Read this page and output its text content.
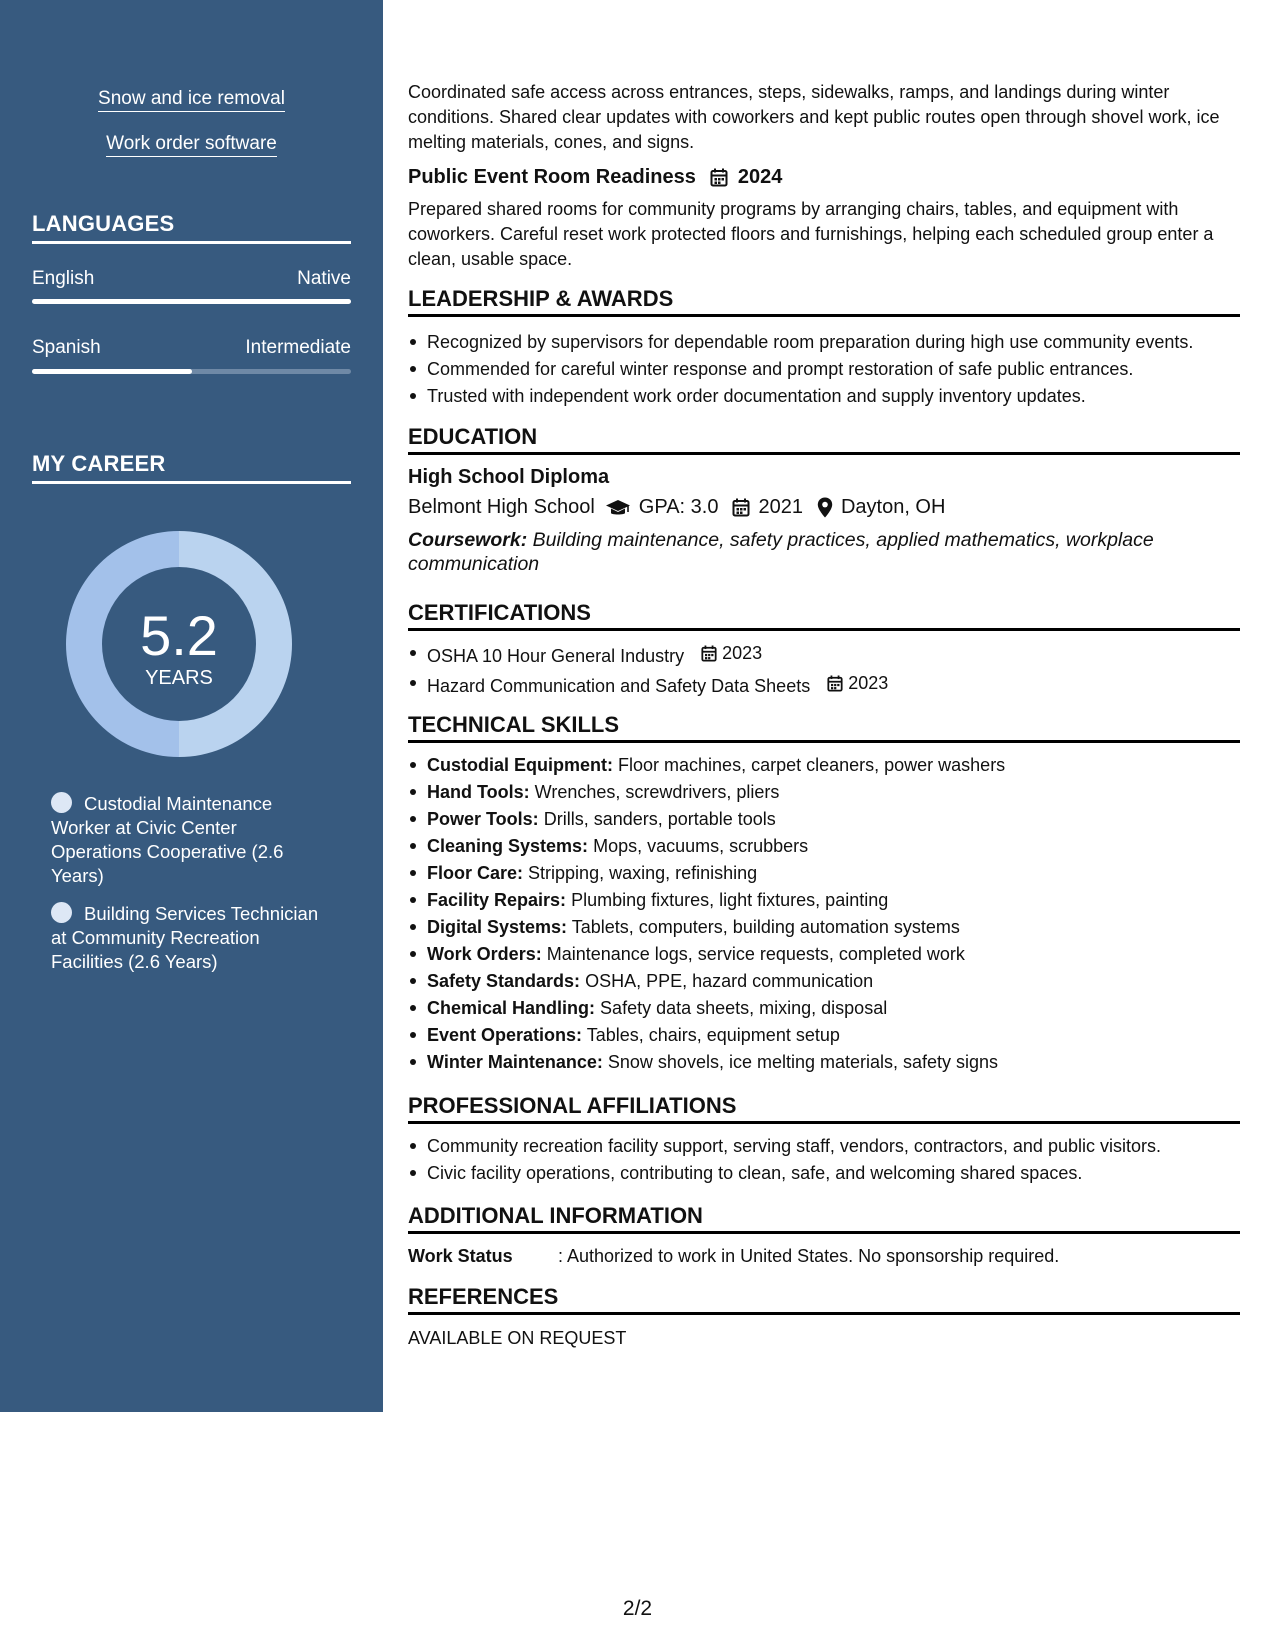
Snow and ice removal
Work order software
LANGUAGES
English	Native
Spanish	Intermediate
MY CAREER
5.2
YEARS
Custodial Maintenance Worker at Civic Center Operations Cooperative (2.6 Years)
Building Services Technician at Community Recreation Facilities (2.6 Years)
Coordinated safe access across entrances, steps, sidewalks, ramps, and landings during winter conditions. Shared clear updates with coworkers and kept public routes open through shovel work, ice melting materials, cones, and signs.
Public Event Room Readiness 2024
Prepared shared rooms for community programs by arranging chairs, tables, and equipment with coworkers. Careful reset work protected floors and furnishings, helping each scheduled group enter a clean, usable space.
LEADERSHIP & AWARDS
Recognized by supervisors for dependable room preparation during high use community events.
Commended for careful winter response and prompt restoration of safe public entrances.
Trusted with independent work order documentation and supply inventory updates.
EDUCATION
High School Diploma
Belmont High School GPA: 3.0 2021 Dayton, OH
Coursework: Building maintenance, safety practices, applied mathematics, workplace communication
CERTIFICATIONS
OSHA 10 Hour General Industry 2023
Hazard Communication and Safety Data Sheets 2023
TECHNICAL SKILLS
Custodial Equipment: Floor machines, carpet cleaners, power washers
Hand Tools: Wrenches, screwdrivers, pliers
Power Tools: Drills, sanders, portable tools
Cleaning Systems: Mops, vacuums, scrubbers
Floor Care: Stripping, waxing, refinishing
Facility Repairs: Plumbing fixtures, light fixtures, painting
Digital Systems: Tablets, computers, building automation systems
Work Orders: Maintenance logs, service requests, completed work
Safety Standards: OSHA, PPE, hazard communication
Chemical Handling: Safety data sheets, mixing, disposal
Event Operations: Tables, chairs, equipment setup
Winter Maintenance: Snow shovels, ice melting materials, safety signs
PROFESSIONAL AFFILIATIONS
Community recreation facility support, serving staff, vendors, contractors, and public visitors.
Civic facility operations, contributing to clean, safe, and welcoming shared spaces.
ADDITIONAL INFORMATION
Work Status	: Authorized to work in United States. No sponsorship required.
REFERENCES
AVAILABLE ON REQUEST
2/2
